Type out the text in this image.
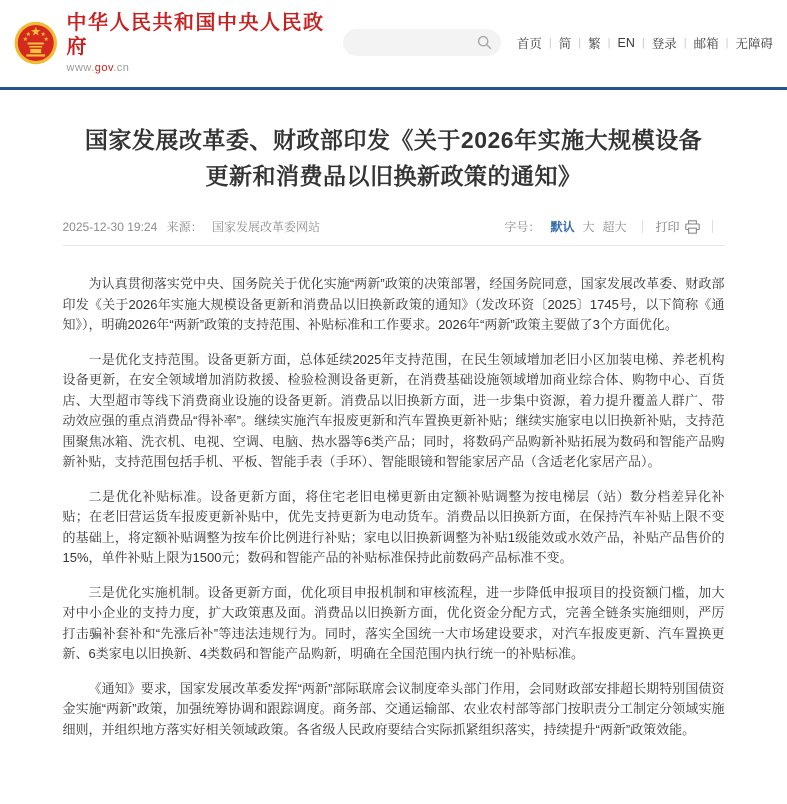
中华人民共和国中央人民政府
www.gov.cn
首页 | 简 | 繁 | EN | 登录 | 邮箱 | 无障碍
国家发展改革委、财政部印发《关于2026年实施大规模设备更新和消费品以旧换新政策的通知》
2025-12-30 19:24 来源： 国家发展改革委网站	字号： 默认 大 超大 打印

为认真贯彻落实党中央、国务院关于优化实施“两新”政策的决策部署，经国务院同意，国家发展改革委、财政部印发《关于2026年实施大规模设备更新和消费品以旧换新政策的通知》（发改环资〔2025〕1745号，以下简称《通知》），明确2026年“两新”政策的支持范围、补贴标准和工作要求。2026年“两新”政策主要做了3个方面优化。

一是优化支持范围。设备更新方面，总体延续2025年支持范围，在民生领域增加老旧小区加装电梯、养老机构设备更新，在安全领域增加消防救援、检验检测设备更新，在消费基础设施领域增加商业综合体、购物中心、百货店、大型超市等线下消费商业设施的设备更新。消费品以旧换新方面，进一步集中资源，着力提升覆盖人群广、带动效应强的重点消费品“得补率”。继续实施汽车报废更新和汽车置换更新补贴；继续实施家电以旧换新补贴，支持范围聚焦冰箱、洗衣机、电视、空调、电脑、热水器等6类产品；同时，将数码产品购新补贴拓展为数码和智能产品购新补贴，支持范围包括手机、平板、智能手表（手环）、智能眼镜和智能家居产品（含适老化家居产品）。

二是优化补贴标准。设备更新方面，将住宅老旧电梯更新由定额补贴调整为按电梯层（站）数分档差异化补贴；在老旧营运货车报废更新补贴中，优先支持更新为电动货车。消费品以旧换新方面，在保持汽车补贴上限不变的基础上，将定额补贴调整为按车价比例进行补贴；家电以旧换新调整为补贴1级能效或水效产品，补贴产品售价的15%，单件补贴上限为1500元；数码和智能产品的补贴标准保持此前数码产品标准不变。

三是优化实施机制。设备更新方面，优化项目申报机制和审核流程，进一步降低申报项目的投资额门槛，加大对中小企业的支持力度，扩大政策惠及面。消费品以旧换新方面，优化资金分配方式，完善全链条实施细则，严厉打击骗补套补和“先涨后补”等违法违规行为。同时，落实全国统一大市场建设要求，对汽车报废更新、汽车置换更新、6类家电以旧换新、4类数码和智能产品购新，明确在全国范围内执行统一的补贴标准。

《通知》要求，国家发展改革委发挥“两新”部际联席会议制度牵头部门作用，会同财政部安排超长期特别国债资金实施“两新”政策，加强统筹协调和跟踪调度。商务部、交通运输部、农业农村部等部门按职责分工制定分领域实施细则，并组织地方落实好相关领域政策。各省级人民政府要结合实际抓紧组织落实，持续提升“两新”政策效能。
